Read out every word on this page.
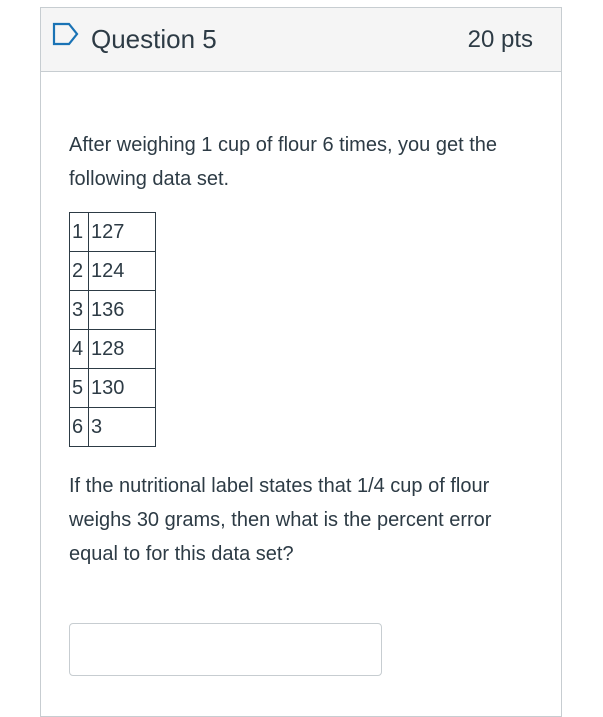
Question 5	20 pts

After weighing 1 cup of flour 6 times, you get the following data set.

1	127
2	124
3	136
4	128
5	130
6	3

If the nutritional label states that 1/4 cup of flour weighs 30 grams, then what is the percent error equal to for this data set?
